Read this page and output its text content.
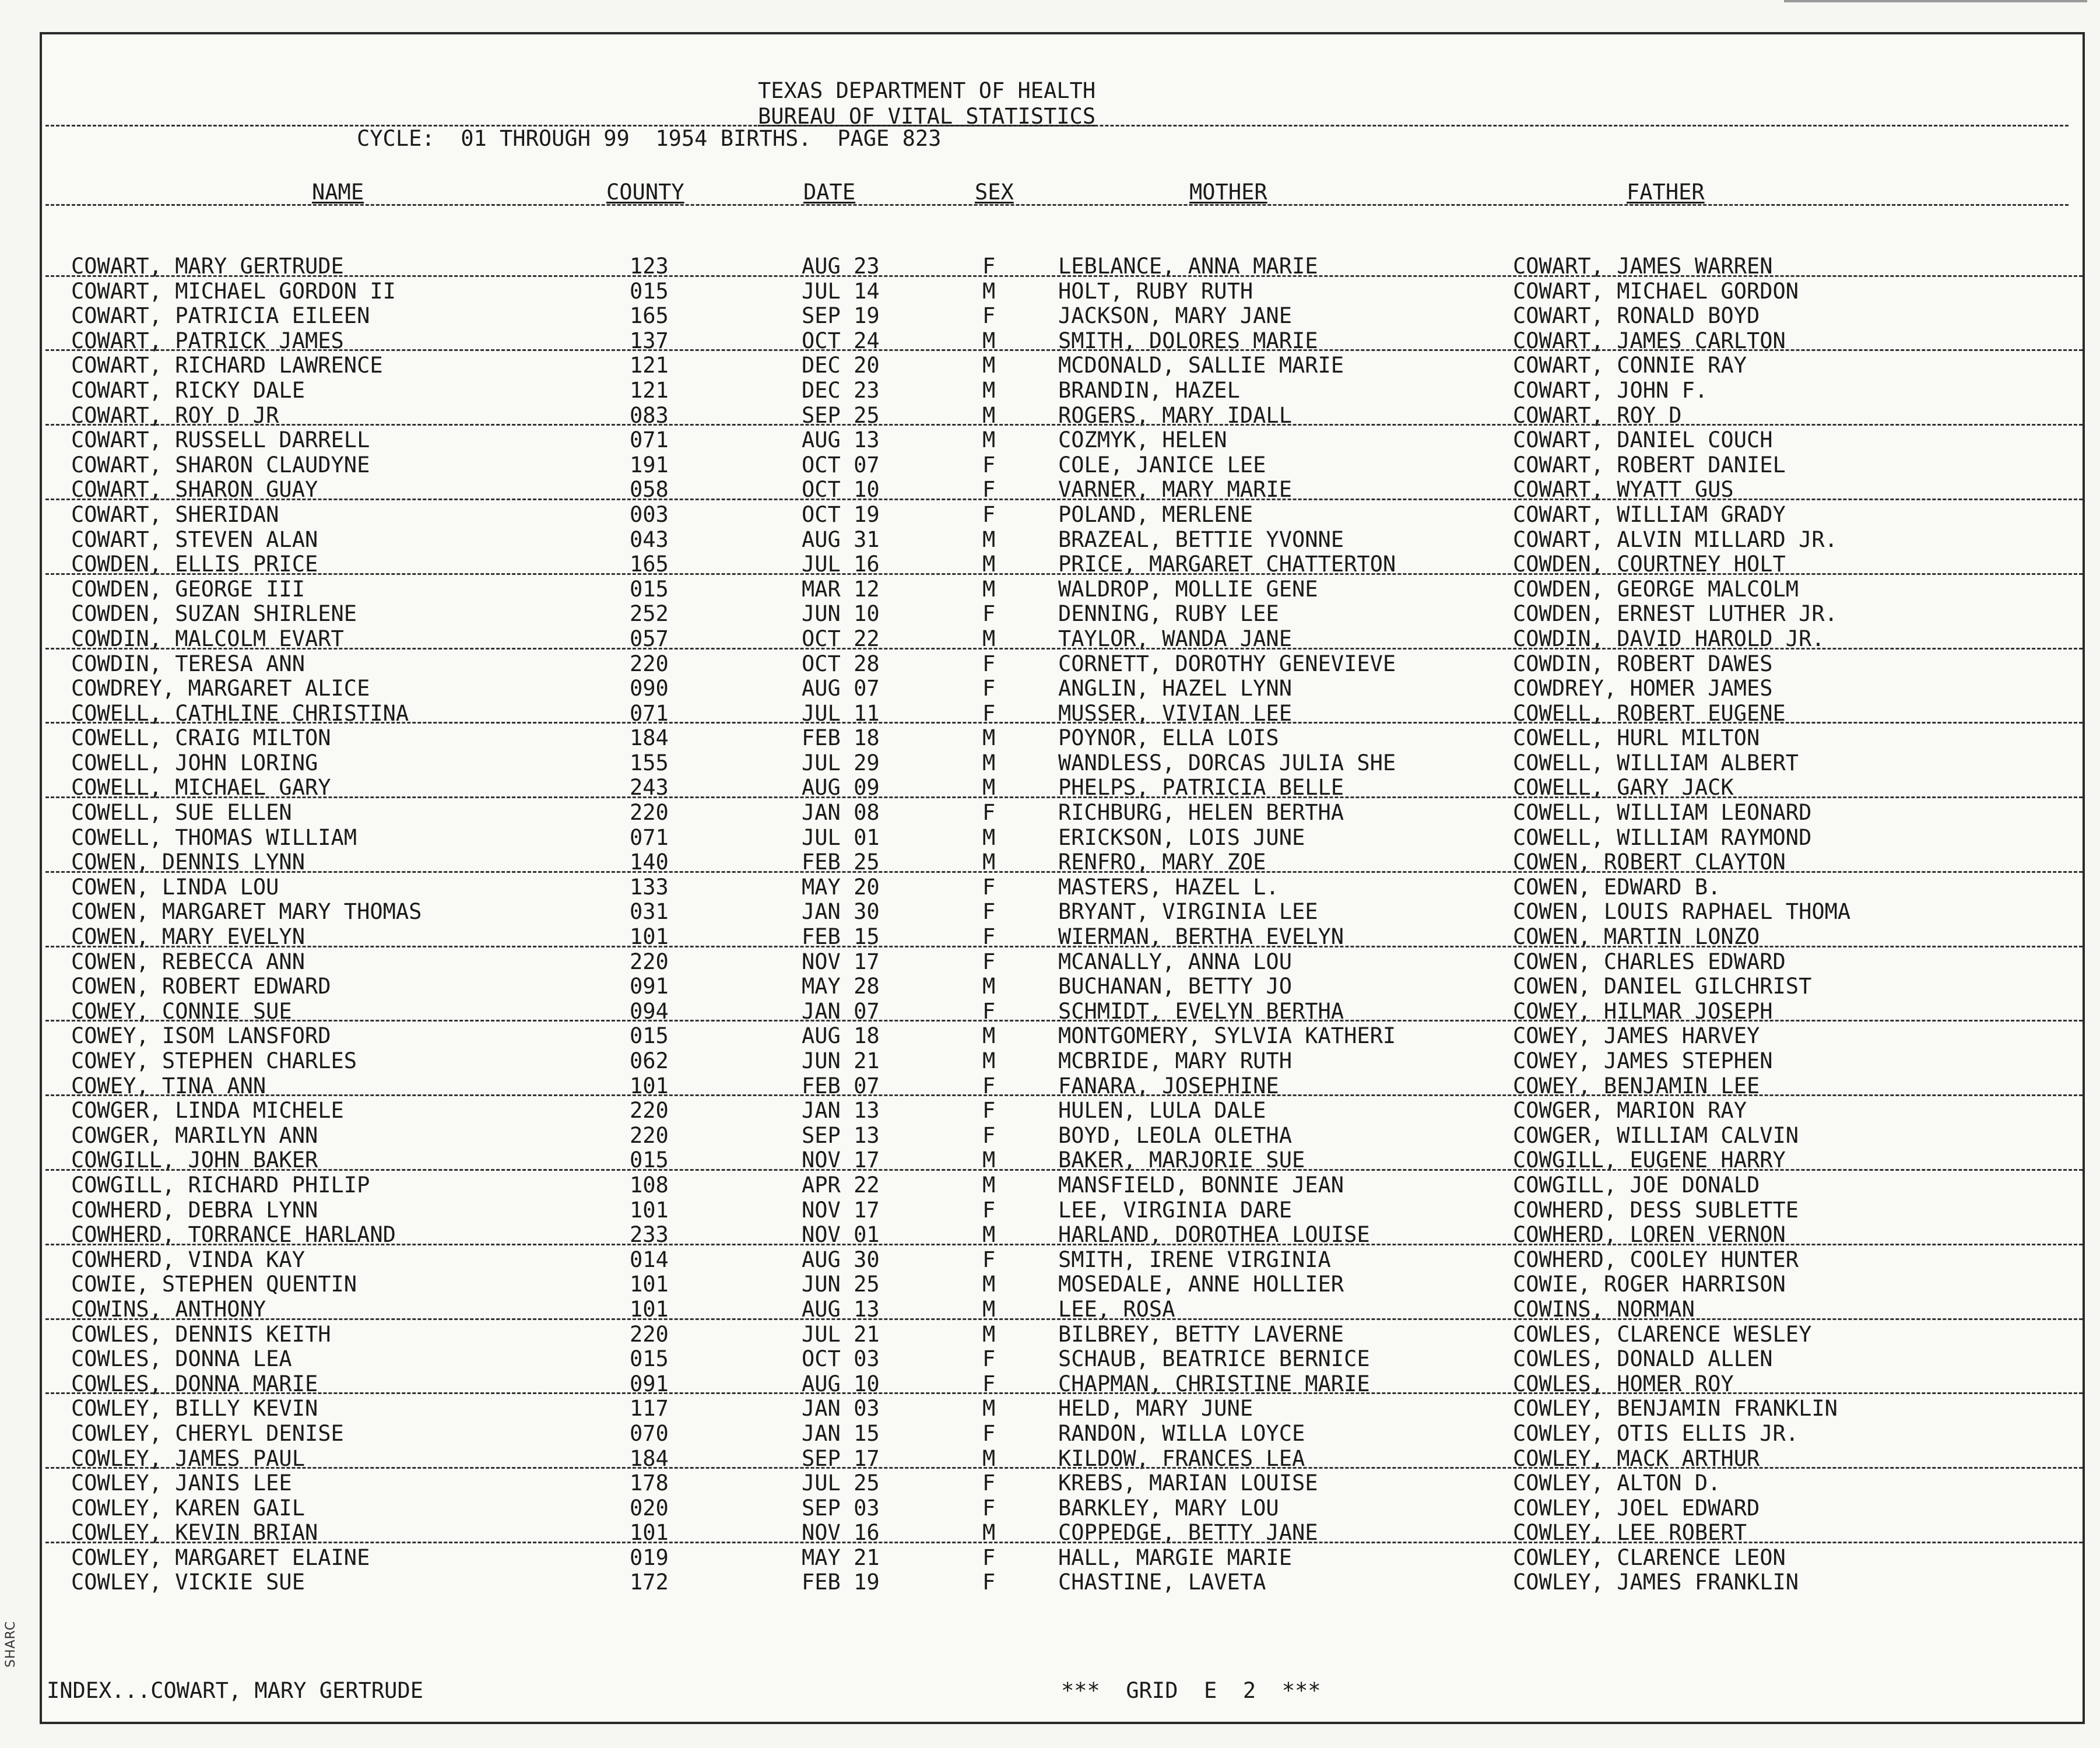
SHARC
TEXAS DEPARTMENT OF HEALTH
BUREAU OF VITAL STATISTICS
CYCLE:  01 THROUGH 99  1954 BIRTHS.  PAGE 823
NAME	COUNTY	DATE	SEX	MOTHER	FATHER
COWART, MARY GERTRUDE	123	AUG 23	F	LEBLANCE, ANNA MARIE	COWART, JAMES WARREN
COWART, MICHAEL GORDON II	015	JUL 14	M	HOLT, RUBY RUTH	COWART, MICHAEL GORDON
COWART, PATRICIA EILEEN	165	SEP 19	F	JACKSON, MARY JANE	COWART, RONALD BOYD
COWART, PATRICK JAMES	137	OCT 24	M	SMITH, DOLORES MARIE	COWART, JAMES CARLTON
COWART, RICHARD LAWRENCE	121	DEC 20	M	MCDONALD, SALLIE MARIE	COWART, CONNIE RAY
COWART, RICKY DALE	121	DEC 23	M	BRANDIN, HAZEL	COWART, JOHN F.
COWART, ROY D JR	083	SEP 25	M	ROGERS, MARY IDALL	COWART, ROY D
COWART, RUSSELL DARRELL	071	AUG 13	M	COZMYK, HELEN	COWART, DANIEL COUCH
COWART, SHARON CLAUDYNE	191	OCT 07	F	COLE, JANICE LEE	COWART, ROBERT DANIEL
COWART, SHARON GUAY	058	OCT 10	F	VARNER, MARY MARIE	COWART, WYATT GUS
COWART, SHERIDAN	003	OCT 19	F	POLAND, MERLENE	COWART, WILLIAM GRADY
COWART, STEVEN ALAN	043	AUG 31	M	BRAZEAL, BETTIE YVONNE	COWART, ALVIN MILLARD JR.
COWDEN, ELLIS PRICE	165	JUL 16	M	PRICE, MARGARET CHATTERTON	COWDEN, COURTNEY HOLT
COWDEN, GEORGE III	015	MAR 12	M	WALDROP, MOLLIE GENE	COWDEN, GEORGE MALCOLM
COWDEN, SUZAN SHIRLENE	252	JUN 10	F	DENNING, RUBY LEE	COWDEN, ERNEST LUTHER JR.
COWDIN, MALCOLM EVART	057	OCT 22	M	TAYLOR, WANDA JANE	COWDIN, DAVID HAROLD JR.
COWDIN, TERESA ANN	220	OCT 28	F	CORNETT, DOROTHY GENEVIEVE	COWDIN, ROBERT DAWES
COWDREY, MARGARET ALICE	090	AUG 07	F	ANGLIN, HAZEL LYNN	COWDREY, HOMER JAMES
COWELL, CATHLINE CHRISTINA	071	JUL 11	F	MUSSER, VIVIAN LEE	COWELL, ROBERT EUGENE
COWELL, CRAIG MILTON	184	FEB 18	M	POYNOR, ELLA LOIS	COWELL, HURL MILTON
COWELL, JOHN LORING	155	JUL 29	M	WANDLESS, DORCAS JULIA SHE	COWELL, WILLIAM ALBERT
COWELL, MICHAEL GARY	243	AUG 09	M	PHELPS, PATRICIA BELLE	COWELL, GARY JACK
COWELL, SUE ELLEN	220	JAN 08	F	RICHBURG, HELEN BERTHA	COWELL, WILLIAM LEONARD
COWELL, THOMAS WILLIAM	071	JUL 01	M	ERICKSON, LOIS JUNE	COWELL, WILLIAM RAYMOND
COWEN, DENNIS LYNN	140	FEB 25	M	RENFRO, MARY ZOE	COWEN, ROBERT CLAYTON
COWEN, LINDA LOU	133	MAY 20	F	MASTERS, HAZEL L.	COWEN, EDWARD B.
COWEN, MARGARET MARY THOMAS	031	JAN 30	F	BRYANT, VIRGINIA LEE	COWEN, LOUIS RAPHAEL THOMA
COWEN, MARY EVELYN	101	FEB 15	F	WIERMAN, BERTHA EVELYN	COWEN, MARTIN LONZO
COWEN, REBECCA ANN	220	NOV 17	F	MCANALLY, ANNA LOU	COWEN, CHARLES EDWARD
COWEN, ROBERT EDWARD	091	MAY 28	M	BUCHANAN, BETTY JO	COWEN, DANIEL GILCHRIST
COWEY, CONNIE SUE	094	JAN 07	F	SCHMIDT, EVELYN BERTHA	COWEY, HILMAR JOSEPH
COWEY, ISOM LANSFORD	015	AUG 18	M	MONTGOMERY, SYLVIA KATHERI	COWEY, JAMES HARVEY
COWEY, STEPHEN CHARLES	062	JUN 21	M	MCBRIDE, MARY RUTH	COWEY, JAMES STEPHEN
COWEY, TINA ANN	101	FEB 07	F	FANARA, JOSEPHINE	COWEY, BENJAMIN LEE
COWGER, LINDA MICHELE	220	JAN 13	F	HULEN, LULA DALE	COWGER, MARION RAY
COWGER, MARILYN ANN	220	SEP 13	F	BOYD, LEOLA OLETHA	COWGER, WILLIAM CALVIN
COWGILL, JOHN BAKER	015	NOV 17	M	BAKER, MARJORIE SUE	COWGILL, EUGENE HARRY
COWGILL, RICHARD PHILIP	108	APR 22	M	MANSFIELD, BONNIE JEAN	COWGILL, JOE DONALD
COWHERD, DEBRA LYNN	101	NOV 17	F	LEE, VIRGINIA DARE	COWHERD, DESS SUBLETTE
COWHERD, TORRANCE HARLAND	233	NOV 01	M	HARLAND, DOROTHEA LOUISE	COWHERD, LOREN VERNON
COWHERD, VINDA KAY	014	AUG 30	F	SMITH, IRENE VIRGINIA	COWHERD, COOLEY HUNTER
COWIE, STEPHEN QUENTIN	101	JUN 25	M	MOSEDALE, ANNE HOLLIER	COWIE, ROGER HARRISON
COWINS, ANTHONY	101	AUG 13	M	LEE, ROSA	COWINS, NORMAN
COWLES, DENNIS KEITH	220	JUL 21	M	BILBREY, BETTY LAVERNE	COWLES, CLARENCE WESLEY
COWLES, DONNA LEA	015	OCT 03	F	SCHAUB, BEATRICE BERNICE	COWLES, DONALD ALLEN
COWLES, DONNA MARIE	091	AUG 10	F	CHAPMAN, CHRISTINE MARIE	COWLES, HOMER ROY
COWLEY, BILLY KEVIN	117	JAN 03	M	HELD, MARY JUNE	COWLEY, BENJAMIN FRANKLIN
COWLEY, CHERYL DENISE	070	JAN 15	F	RANDON, WILLA LOYCE	COWLEY, OTIS ELLIS JR.
COWLEY, JAMES PAUL	184	SEP 17	M	KILDOW, FRANCES LEA	COWLEY, MACK ARTHUR
COWLEY, JANIS LEE	178	JUL 25	F	KREBS, MARIAN LOUISE	COWLEY, ALTON D.
COWLEY, KAREN GAIL	020	SEP 03	F	BARKLEY, MARY LOU	COWLEY, JOEL EDWARD
COWLEY, KEVIN BRIAN	101	NOV 16	M	COPPEDGE, BETTY JANE	COWLEY, LEE ROBERT
COWLEY, MARGARET ELAINE	019	MAY 21	F	HALL, MARGIE MARIE	COWLEY, CLARENCE LEON
COWLEY, VICKIE SUE	172	FEB 19	F	CHASTINE, LAVETA	COWLEY, JAMES FRANKLIN
INDEX...COWART, MARY GERTRUDE	***  GRID  E  2  ***
